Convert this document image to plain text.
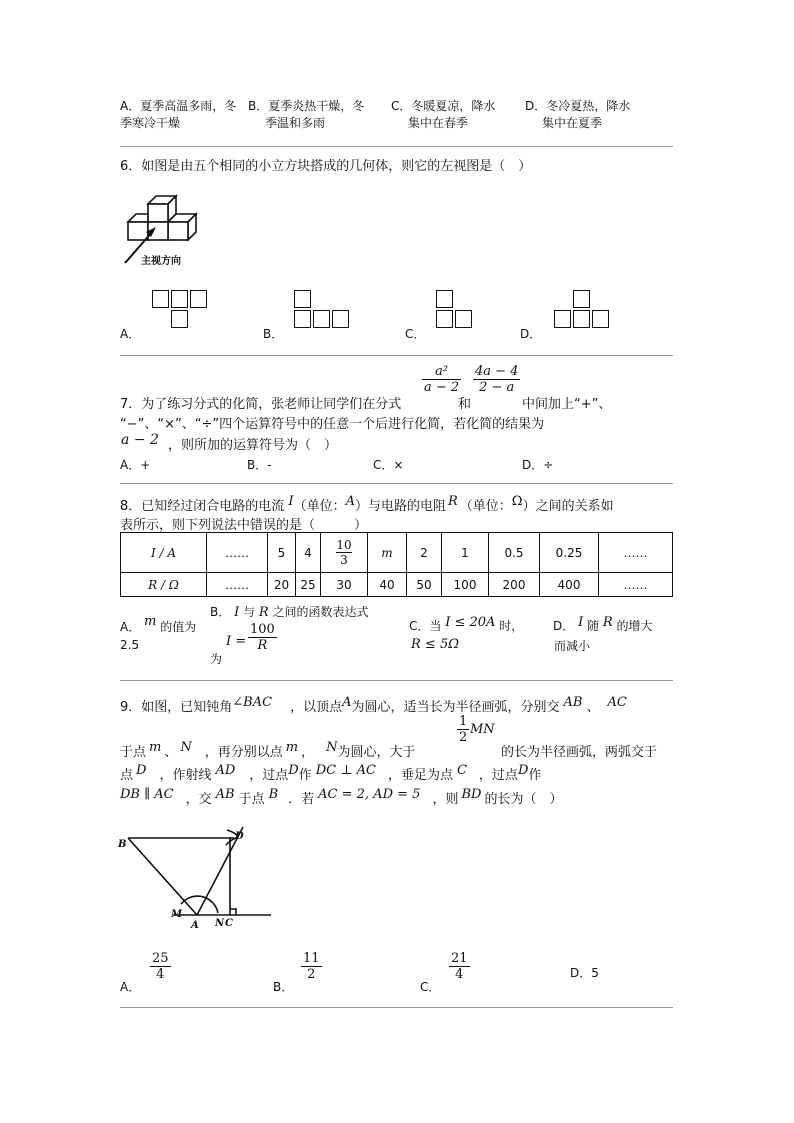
A．夏季高温多雨，冬
季寒冷干燥
B．夏季炎热干燥，冬
季温和多雨
C．冬暖夏凉，降水
集中在春季
D．冬冷夏热，降水
集中在夏季
6．如图是由五个相同的小立方块搭成的几何体，则它的左视图是（　）
主视方向
A．	B．	C．	D．
7．为了练习分式的化简，张老师让同学们在分式
$\frac{\text{a²}}{a - 2}$
和
$\frac{4a - 4}{2 - a}$
中间加上“+”、
“−”、“×”、“÷”四个运算符号中的任意一个后进行化简，若化简的结果为
a − 2 ，则所加的运算符号为（　）
A．+	B．-	C．×	D．÷
8．已知经过闭合电路的电流 I（单位：A）与电路的电阻 R （单位：Ω）之间的关系如
表所示，则下列说法中错误的是（　　　）
I / A	……	5	4	$\frac{10}{3}$	m	2	1	0.5	0.25	……
R / Ω	……	20	25	30	40	50	100	200	400	……
A． m 的值为
2.5
B． I 与 R 之间的函数表达式
为
$I = \frac{100}{R}$	C．当 I ≤ 20A 时，
R ≤ 5Ω
D． I 随 R 的增大
而减小
9．如图，已知钝角∠BAC ，以顶点A为圆心，适当长为半径画弧，分别交 AB 、 AC
于点 m 、 N ，再分别以点 m ， N为圆心，大于
$\frac{1}{2}$ MN
的长为半径画弧，两弧交于
点 D ，作射线 AD ，过点D作 DC ⊥ AC ，垂足为点 C ，过点D作
DB ∥ AC ，交 AB 于点 B ．若 AC = 2, AD = 5 ，则 BD 的长为（　）
B
D
M
A N C
A．
$\frac{25}{4}$
B．
$\frac{11}{2}$
C．
$\frac{21}{4}$	D．5
